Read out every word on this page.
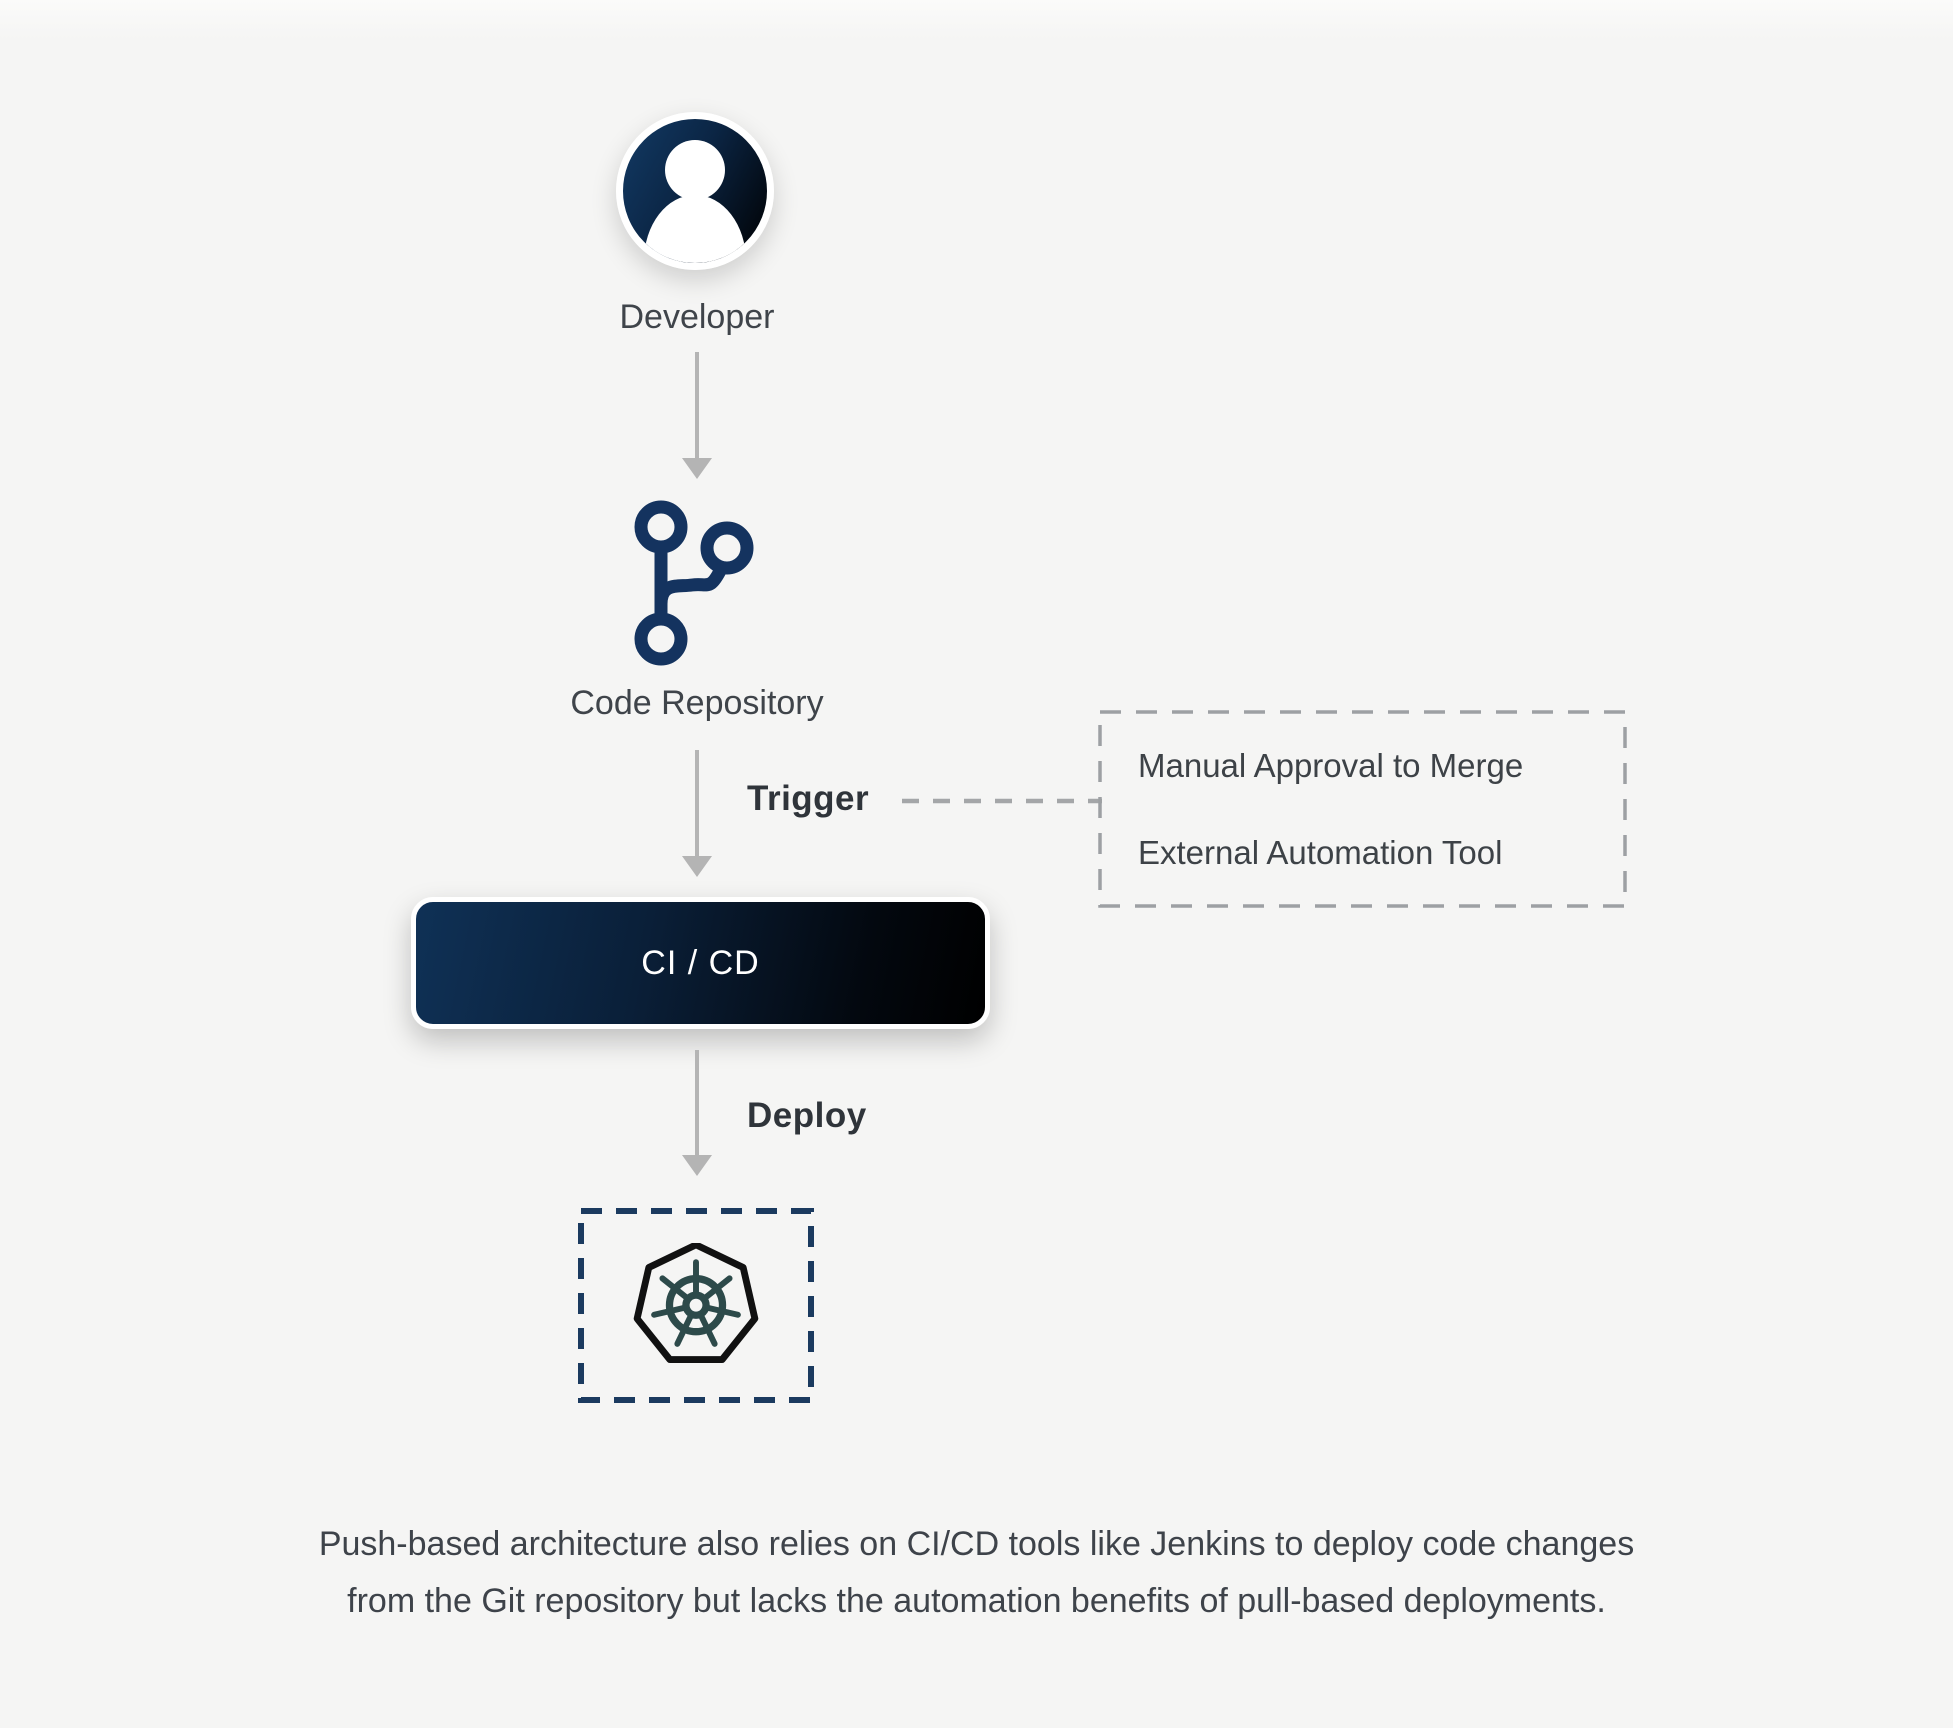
Developer
Code Repository
Trigger
Manual Approval to Merge
External Automation Tool
CI / CD
Deploy
Push-based architecture also relies on CI/CD tools like Jenkins to deploy code changes
from the Git repository but lacks the automation benefits of pull-based deployments.
